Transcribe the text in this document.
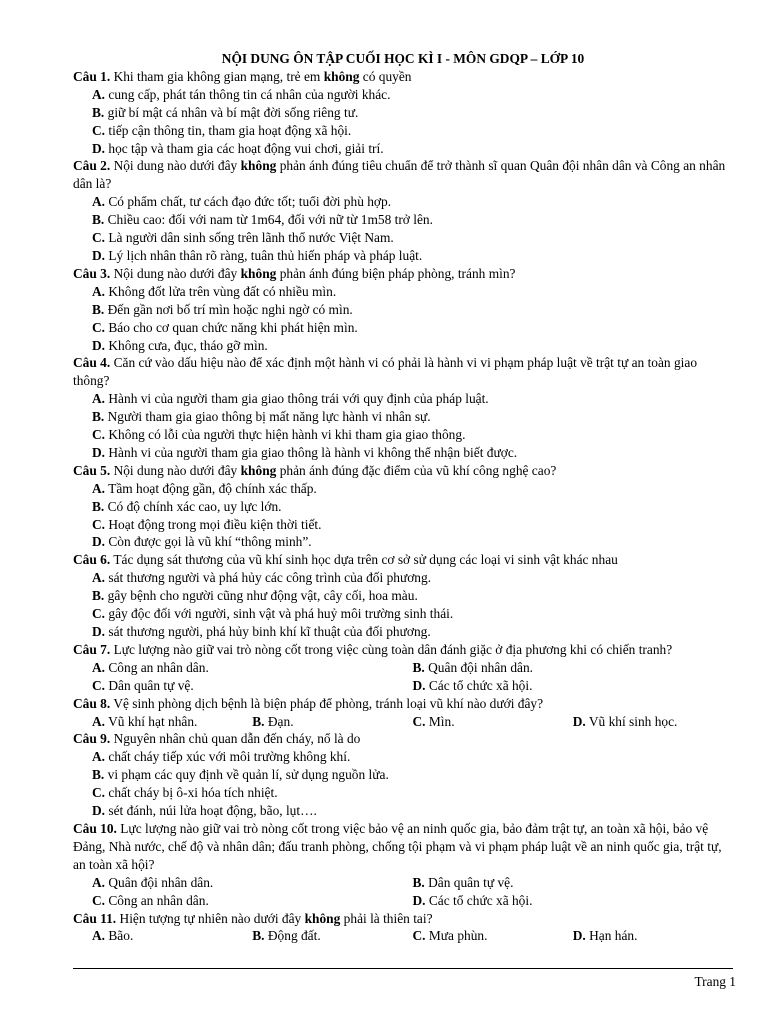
NỘI DUNG ÔN TẬP CUỐI HỌC KÌ I - MÔN GDQP – LỚP 10

Câu 1. Khi tham gia không gian mạng, trẻ em không có quyền

A. cung cấp, phát tán thông tin cá nhân của người khác.

B. giữ bí mật cá nhân và bí mật đời sống riêng tư.

C. tiếp cận thông tin, tham gia hoạt động xã hội.

D. học tập và tham gia các hoạt động vui chơi, giải trí.

Câu 2. Nội dung nào dưới đây không phản ánh đúng tiêu chuẩn để trở thành sĩ quan Quân đội nhân dân và Công an nhân dân là?

A. Có phẩm chất, tư cách đạo đức tốt; tuổi đời phù hợp.

B. Chiều cao: đối với nam từ 1m64, đối với nữ từ 1m58 trở lên.

C. Là người dân sinh sống trên lãnh thổ nước Việt Nam.

D. Lý lịch nhân thân rõ ràng, tuân thủ hiến pháp và pháp luật.

Câu 3. Nội dung nào dưới đây không phản ánh đúng biện pháp phòng, tránh mìn?

A. Không đốt lửa trên vùng đất có nhiều mìn.

B. Đến gần nơi bố trí mìn hoặc nghi ngờ có mìn.

C. Báo cho cơ quan chức năng khi phát hiện mìn.

D. Không cưa, đục, tháo gỡ mìn.

Câu 4. Căn cứ vào dấu hiệu nào để xác định một hành vi có phải là hành vi vi phạm pháp luật về trật tự an toàn giao thông?

A. Hành vi của người tham gia giao thông trái với quy định của pháp luật.

B. Người tham gia giao thông bị mất năng lực hành vi nhân sự.

C. Không có lỗi của người thực hiện hành vi khi tham gia giao thông.

D. Hành vi của người tham gia giao thông là hành vi không thể nhận biết được.

Câu 5. Nội dung nào dưới đây không phản ánh đúng đặc điểm của vũ khí công nghệ cao?

A. Tầm hoạt động gần, độ chính xác thấp.

B. Có độ chính xác cao, uy lực lớn.

C. Hoạt động trong mọi điều kiện thời tiết.

D. Còn được gọi là vũ khí “thông minh”.

Câu 6. Tác dụng sát thương của vũ khí sinh học dựa trên cơ sở sử dụng các loại vi sinh vật khác nhau

A. sát thương người và phá hủy các công trình của đối phương.

B. gây bệnh cho người cũng như động vật, cây cối, hoa màu.

C. gây độc đối với người, sinh vật và phá huỷ môi trường sinh thái.

D. sát thương người, phá hủy binh khí kĩ thuật của đối phương.

Câu 7. Lực lượng nào giữ vai trò nòng cốt trong việc cùng toàn dân đánh giặc ở địa phương khi có chiến tranh?

A. Công an nhân dân.	B. Quân đội nhân dân.

C. Dân quân tự vệ.	D. Các tổ chức xã hội.

Câu 8. Vệ sinh phòng dịch bệnh là biện pháp để phòng, tránh loại vũ khí nào dưới đây?

A. Vũ khí hạt nhân.	B. Đạn.	C. Mìn.	D. Vũ khí sinh học.

Câu 9. Nguyên nhân chủ quan dẫn đến cháy, nổ là do

A. chất cháy tiếp xúc với môi trường không khí.

B. vi phạm các quy định về quản lí, sử dụng nguồn lửa.

C. chất cháy bị ô-xi hóa tích nhiệt.

D. sét đánh, núi lửa hoạt động, bão, lụt….

Câu 10. Lực lượng nào giữ vai trò nòng cốt trong việc bảo vệ an ninh quốc gia, bảo đảm trật tự, an toàn xã hội, bảo vệ Đảng, Nhà nước, chế độ và nhân dân; đấu tranh phòng, chống tội phạm và vi phạm pháp luật về an ninh quốc gia, trật tự, an toàn xã hội?

A. Quân đội nhân dân.	B. Dân quân tự vệ.

C. Công an nhân dân.	D. Các tổ chức xã hội.

Câu 11. Hiện tượng tự nhiên nào dưới đây không phải là thiên tai?

A. Bão.	B. Động đất.	C. Mưa phùn.	D. Hạn hán.

Trang 1
